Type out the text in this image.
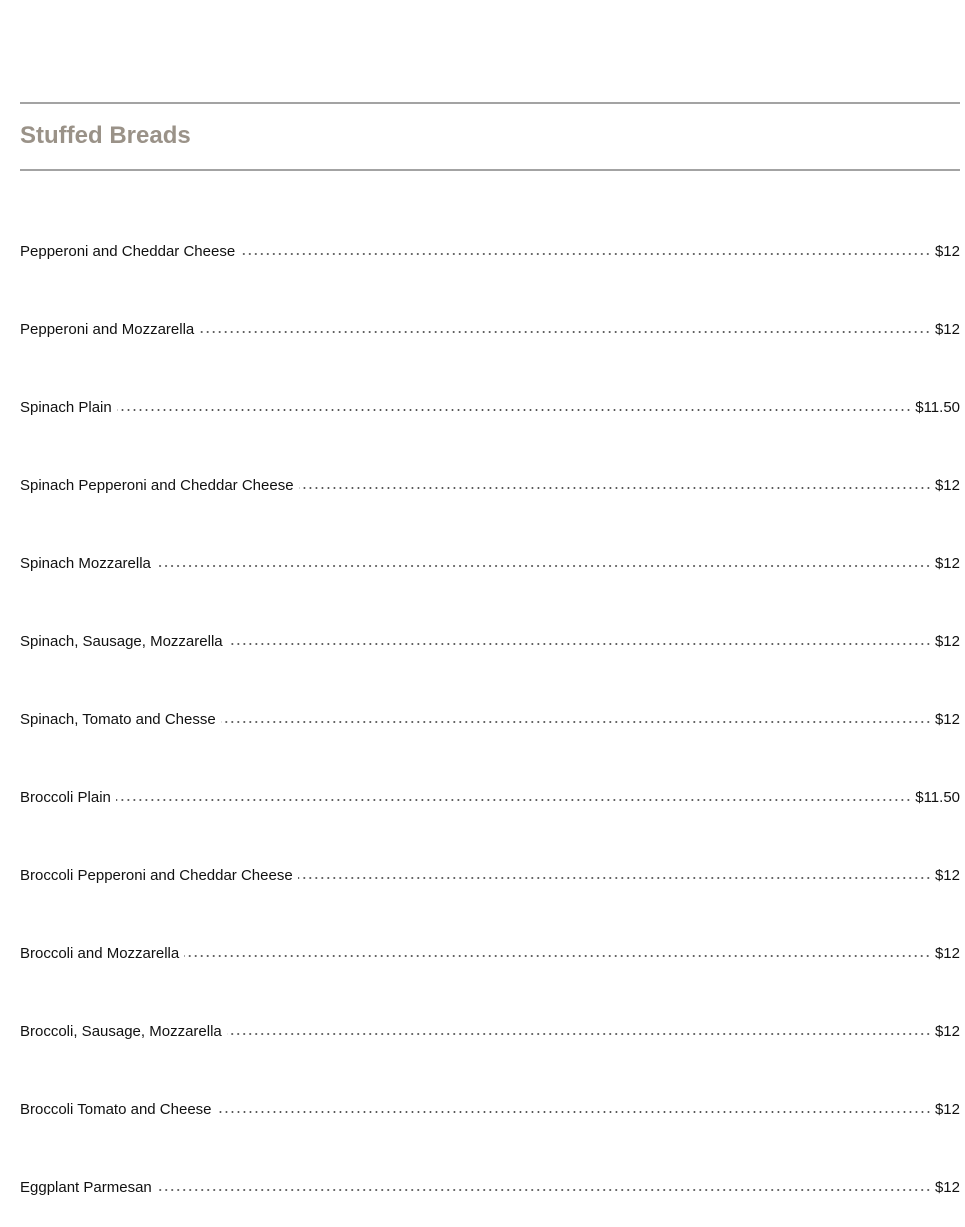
Stuffed Breads
Pepperoni and Cheddar Cheese	$12
Pepperoni and Mozzarella	$12
Spinach Plain	$11.50
Spinach Pepperoni and Cheddar Cheese	$12
Spinach Mozzarella	$12
Spinach, Sausage, Mozzarella	$12
Spinach, Tomato and Chesse	$12
Broccoli Plain	$11.50
Broccoli Pepperoni and Cheddar Cheese	$12
Broccoli and Mozzarella	$12
Broccoli, Sausage, Mozzarella	$12
Broccoli Tomato and Cheese	$12
Eggplant Parmesan	$12
